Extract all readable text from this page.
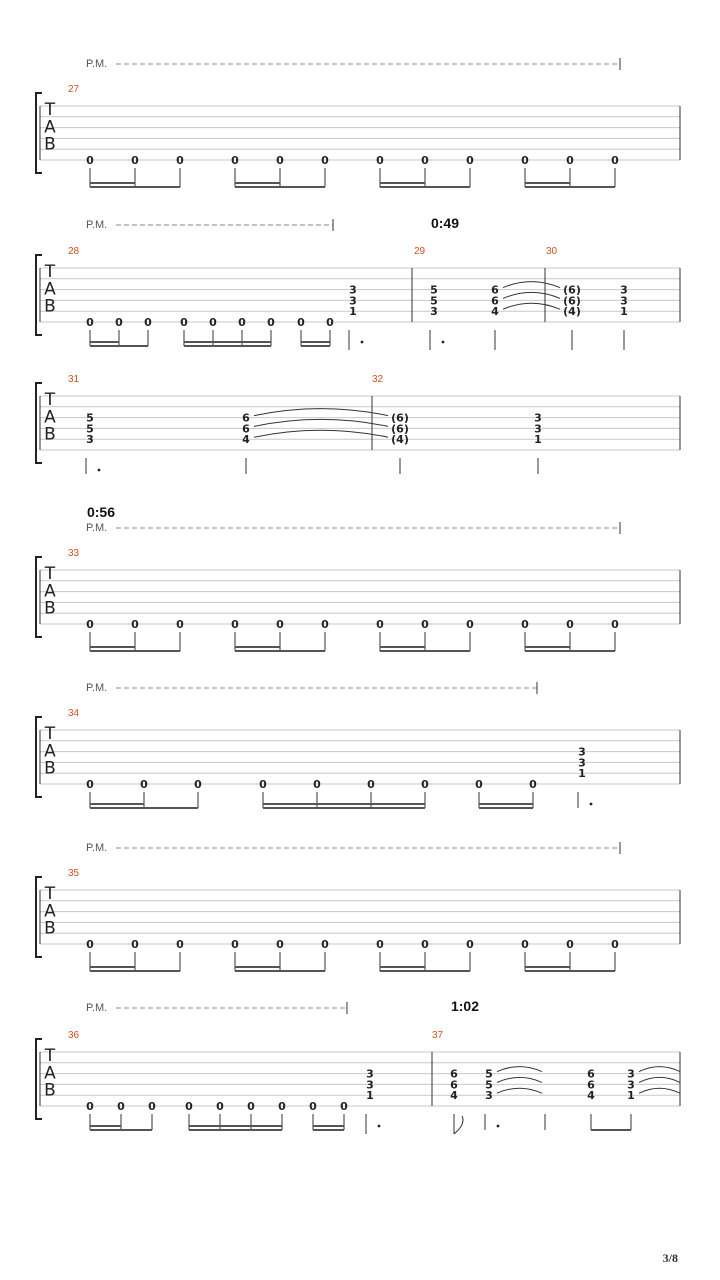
T
A
B
27
P.M.
0	0	0	0	0	0	0	0	0	0	0	0
T
A
B
28	29	30
P.M.	0:49
0 0 0	0 0 0 0 0 0
3
3
1
5
5
3
6
6
4
(6)
(6)
(4)
3
3
1
T
A
B
31	32
5
5
3
6
6
4
(6)
(6)
(4)
3
3
1
T
A
B
33
0:56
P.M.
0	0	0	0	0	0	0	0	0	0	0	0
T
A
B
34
P.M.
0	0	0	0	0	0	0	0	0
3
3
1
T
A
B
35
P.M.
0	0	0	0	0	0	0	0	0	0	0	0
T
A
B
36	37
P.M.	1:02
0 0 0	0 0 0 0 0 0
3
3
1
6
6
4
5
5
3
6
6
4
3
3
1
3/8
